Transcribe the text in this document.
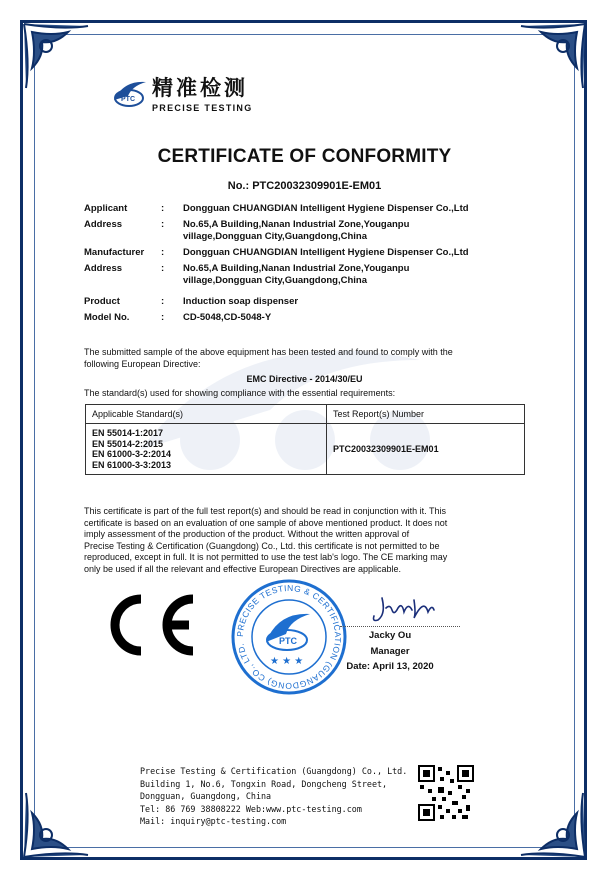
PTC 精准检测
PRECISE TESTING
CERTIFICATE OF CONFORMITY
No.: PTC20032309901E-EM01
Applicant	:	Dongguan CHUANGDIAN Intelligent Hygiene Dispenser Co.,Ltd
Address	:	No.65,A Building,Nanan Industrial Zone,Youganpu
village,Dongguan City,Guangdong,China
Manufacturer	:	Dongguan CHUANGDIAN Intelligent Hygiene Dispenser Co.,Ltd
Address	:	No.65,A Building,Nanan Industrial Zone,Youganpu
village,Dongguan City,Guangdong,China
Product	:	Induction soap dispenser
Model No.	:	CD-5048,CD-5048-Y
The submitted sample of the above equipment has been tested and found to comply with the
following European Directive:
EMC Directive - 2014/30/EU
The standard(s) used for showing compliance with the essential requirements:
Applicable Standard(s)	Test Report(s) Number

EN 55014-1:2017
EN 55014-2:2015
EN 61000-3-2:2014
EN 61000-3-3:2013	PTC20032309901E-EM01
This certificate is part of the full test report(s) and should be read in conjunction with it. This
certificate is based on an evaluation of one sample of above mentioned product. It does not
imply assessment of the production of the product. Without the written approval of
Precise Testing & Certification (Guangdong) Co., Ltd. this certificate is not permitted to be
reproduced, except in full. It is not permitted to use the test lab's logo. The CE marking may
only be used if all the relevant and effective European Directives are applicable.
PRECISE TESTING & CERTIFICATION (GUANGDONG) CO., LTD.	PTC
★ ★ ★
Jacky Ou
Manager
Date: April 13, 2020
Precise Testing & Certification (Guangdong) Co., Ltd.
Building 1, No.6, Tongxin Road, Dongcheng Street,
Dongguan, Guangdong, China
Tel: 86 769 38808222 Web:www.ptc-testing.com
Mail: inquiry@ptc-testing.com
